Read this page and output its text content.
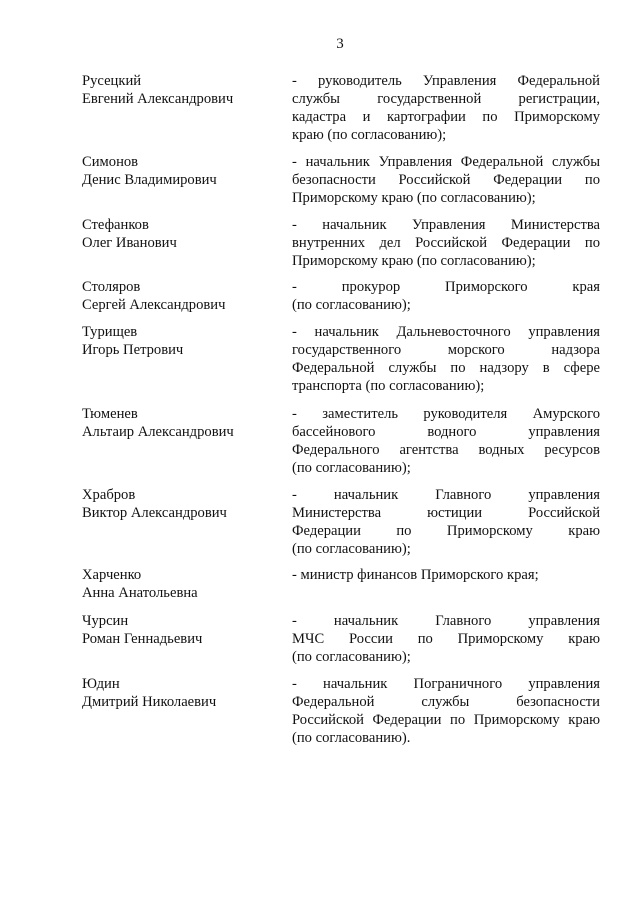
3
Русецкий
Евгений Александрович
- руководитель Управления Федеральной
службы государственной регистрации,
кадастра и картографии по Приморскому
краю (по согласованию);
Симонов
Денис Владимирович
- начальник Управления Федеральной службы
безопасности Российской Федерации по
Приморскому краю (по согласованию);
Стефанков
Олег Иванович
- начальник Управления Министерства
внутренних дел Российской Федерации по
Приморскому краю (по согласованию);
Столяров
Сергей Александрович
- прокурор Приморского края
(по согласованию);
Турищев
Игорь Петрович
- начальник Дальневосточного управления
государственного морского надзора
Федеральной службы по надзору в сфере
транспорта (по согласованию);
Тюменев
Альтаир Александрович
- заместитель руководителя Амурского
бассейнового водного управления
Федерального агентства водных ресурсов
(по согласованию);
Храбров
Виктор Александрович
- начальник Главного управления
Министерства юстиции Российской
Федерации по Приморскому краю
(по согласованию);
Харченко
Анна Анатольевна
- министр финансов Приморского края;
Чурсин
Роман Геннадьевич
- начальник Главного управления
МЧС России по Приморскому краю
(по согласованию);
Юдин
Дмитрий Николаевич
- начальник Пограничного управления
Федеральной службы безопасности
Российской Федерации по Приморскому краю
(по согласованию).
